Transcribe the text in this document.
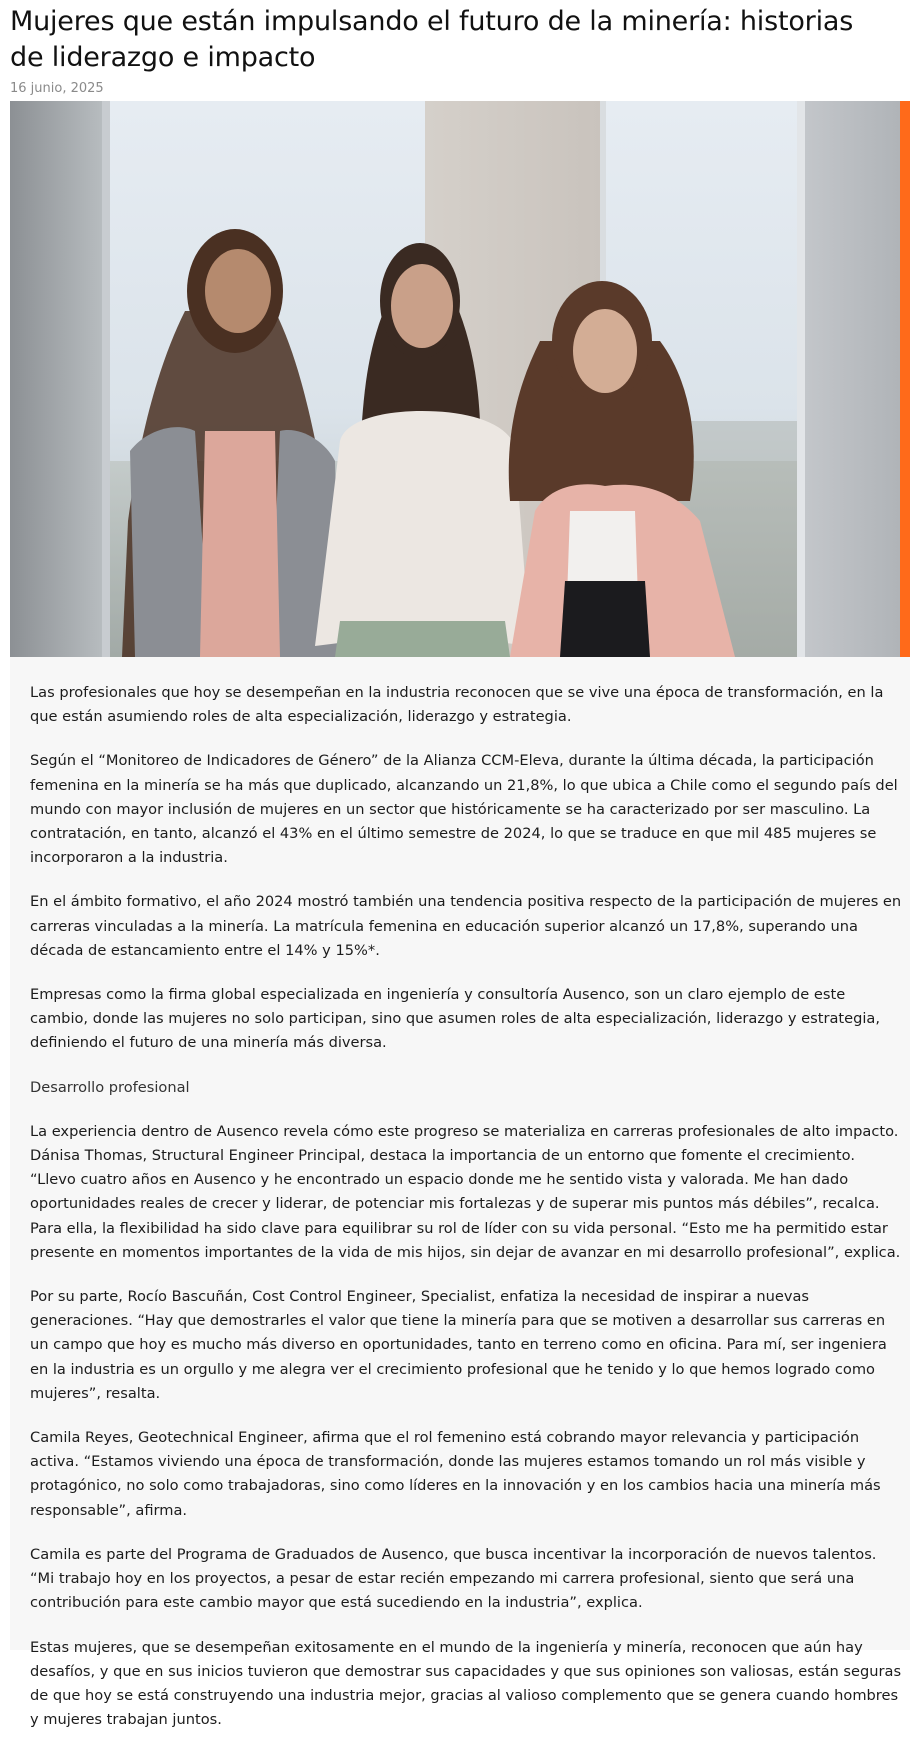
Mujeres que están impulsando el futuro de la minería: historias de liderazgo e impacto
16 junio, 2025

Las profesionales que hoy se desempeñan en la industria reconocen que se vive una época de transformación, en la que están asumiendo roles de alta especialización, liderazgo y estrategia.

Según el “Monitoreo de Indicadores de Género” de la Alianza CCM-Eleva, durante la última década, la participación femenina en la minería se ha más que duplicado, alcanzando un 21,8%, lo que ubica a Chile como el segundo país del mundo con mayor inclusión de mujeres en un sector que históricamente se ha caracterizado por ser masculino. La contratación, en tanto, alcanzó el 43% en el último semestre de 2024, lo que se traduce en que mil 485 mujeres se incorporaron a la industria.

En el ámbito formativo, el año 2024 mostró también una tendencia positiva respecto de la participación de mujeres en carreras vinculadas a la minería. La matrícula femenina en educación superior alcanzó un 17,8%, superando una década de estancamiento entre el 14% y 15%*.

Empresas como la firma global especializada en ingeniería y consultoría Ausenco, son un claro ejemplo de este cambio, donde las mujeres no solo participan, sino que asumen roles de alta especialización, liderazgo y estrategia, definiendo el futuro de una minería más diversa.

Desarrollo profesional

La experiencia dentro de Ausenco revela cómo este progreso se materializa en carreras profesionales de alto impacto. Dánisa Thomas, Structural Engineer Principal, destaca la importancia de un entorno que fomente el crecimiento. “Llevo cuatro años en Ausenco y he encontrado un espacio donde me he sentido vista y valorada. Me han dado oportunidades reales de crecer y liderar, de potenciar mis fortalezas y de superar mis puntos más débiles”, recalca. Para ella, la flexibilidad ha sido clave para equilibrar su rol de líder con su vida personal. “Esto me ha permitido estar presente en momentos importantes de la vida de mis hijos, sin dejar de avanzar en mi desarrollo profesional”, explica.

Por su parte, Rocío Bascuñán, Cost Control Engineer, Specialist, enfatiza la necesidad de inspirar a nuevas generaciones. “Hay que demostrarles el valor que tiene la minería para que se motiven a desarrollar sus carreras en un campo que hoy es mucho más diverso en oportunidades, tanto en terreno como en oficina. Para mí, ser ingeniera en la industria es un orgullo y me alegra ver el crecimiento profesional que he tenido y lo que hemos logrado como mujeres”, resalta.

Camila Reyes, Geotechnical Engineer, afirma que el rol femenino está cobrando mayor relevancia y participación activa. “Estamos viviendo una época de transformación, donde las mujeres estamos tomando un rol más visible y protagónico, no solo como trabajadoras, sino como líderes en la innovación y en los cambios hacia una minería más responsable”, afirma.

Camila es parte del Programa de Graduados de Ausenco, que busca incentivar la incorporación de nuevos talentos. “Mi trabajo hoy en los proyectos, a pesar de estar recién empezando mi carrera profesional, siento que será una contribución para este cambio mayor que está sucediendo en la industria”, explica.

Estas mujeres, que se desempeñan exitosamente en el mundo de la ingeniería y minería, reconocen que aún hay desafíos, y que en sus inicios tuvieron que demostrar sus capacidades y que sus opiniones son valiosas, están seguras de que hoy se está construyendo una industria mejor, gracias al valioso complemento que se genera cuando hombres y mujeres trabajan juntos.
